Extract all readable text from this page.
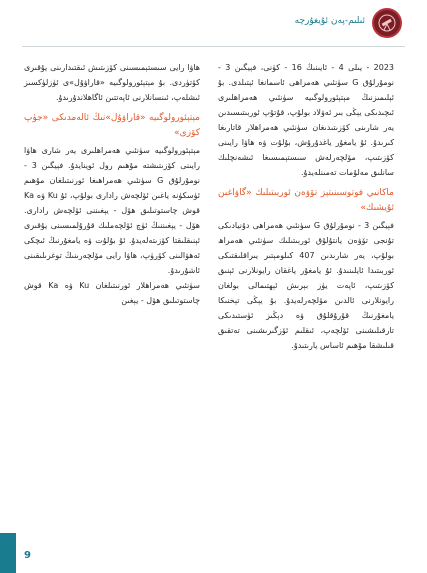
ئىلىم-پەن ئۇيغۇرچە

2023 - يىلى 4 - ئايىنىڭ 16 - كۈنى، فېيگىن 3 - نومۇرلۇق G سۈنئىي ھەمراھى ئاسمانغا ئېتىلدى. بۇ ئېلىمىزنىڭ مېتېئورولوگىيە سۈنئىي ھەمراھلىرى ئىچىدىكى يېڭى بىر ئەۋلاد بولۇپ، قۇتۇپ ئوربىتىسىدىن يەر شارىنى كۆزىتىدىغان سۈنئىي ھەمراھلار قاتارىغا كىرىدۇ. ئۇ يامغۇر ياغدۇرۇش، بۇلۇت ۋە ھاۋا رايىنى كۆزىتىپ، مۆلچەرلەش سىستېمىسىغا ئىشەنچلىك سانلىق مەلۇمات تەمىنلەيدۇ.

ماكانىي فوتوسىنىتېز تۆۋەن ئوربىتىلىك «گاۋاغىن ئۇيشىك»

فېيگىن 3 - نومۇرلۇق G سۈنئىي ھەمراھى دۇنيادىكى تۇنجى تۆۋەن يانتۇلۇق ئوربىتىلىك سۈنئىي ھەمراھ بولۇپ، يەر شارىدىن 407 كىلومېتىر يىراقلىقتىكى ئوربىتىدا ئايلىنىدۇ. ئۇ يامغۇر ياغقان رايونلارنى ئېنىق كۆزىتىپ، ئاپەت يۈز بېرىش ئېھتىمالى بولغان رايونلارنى ئالدىن مۆلچەرلەيدۇ. بۇ يېڭى تېخنىكا يامغۇرنىڭ قۇرۇقلۇق ۋە دېڭىز ئۈستىدىكى تارقىلىشىنى ئۆلچەپ، ئىقلىم ئۆزگىرىشىنى تەتقىق قىلىشقا مۇھىم ئاساس يارىتىدۇ.

ھاۋا رايى سىستېمىسىنى كۆزىتىش ئىقتىدارىنى يۇقىرى كۆتۈردى. بۇ مېتېئورولوگىيە «قاراۋۇل»ى ئۈزلۈكسىز ئىشلەپ، ئىنسانلارنى ئاپەتتىن ئاگاھلاندۇرىدۇ.

مېتېئورولوگىيە «قاراۋۇل»نىڭ ئالەمدىكى «جۈپ كۆزى»

مېتېئورولوگىيە سۈنئىي ھەمراھلىرى يەر شارى ھاۋا رايىنى كۆزىتىشتە مۇھىم رول ئوينايدۇ. فېيگىن 3 - نومۇرلۇق G سۈنئىي ھەمراھىغا ئورنىتىلغان مۇھىم ئۈسكۈنە ياغىن ئۆلچەش رادارى بولۇپ، ئۇ Ku ۋە Ka قوش چاستوتىلىق ھۆل - يېغىننى ئۆلچەش رادارى. ھۆل - يېغىننىڭ ئۈچ ئۆلچەملىك قۇرۇلمىسىنى يۇقىرى ئېنىقلىقتا كۆزىتەلەيدۇ. ئۇ بۇلۇت ۋە يامغۇرنىڭ ئىچكى ئەھۋالىنى كۆرۈپ، ھاۋا رايى مۆلچەرىنىڭ توغرىلىقىنى ئاشۇرىدۇ.

سۈنئىي ھەمراھلار ئورنىتىلغان Ku ۋە Ka قوش چاستوتىلىق ھۆل - يېغىن

9
